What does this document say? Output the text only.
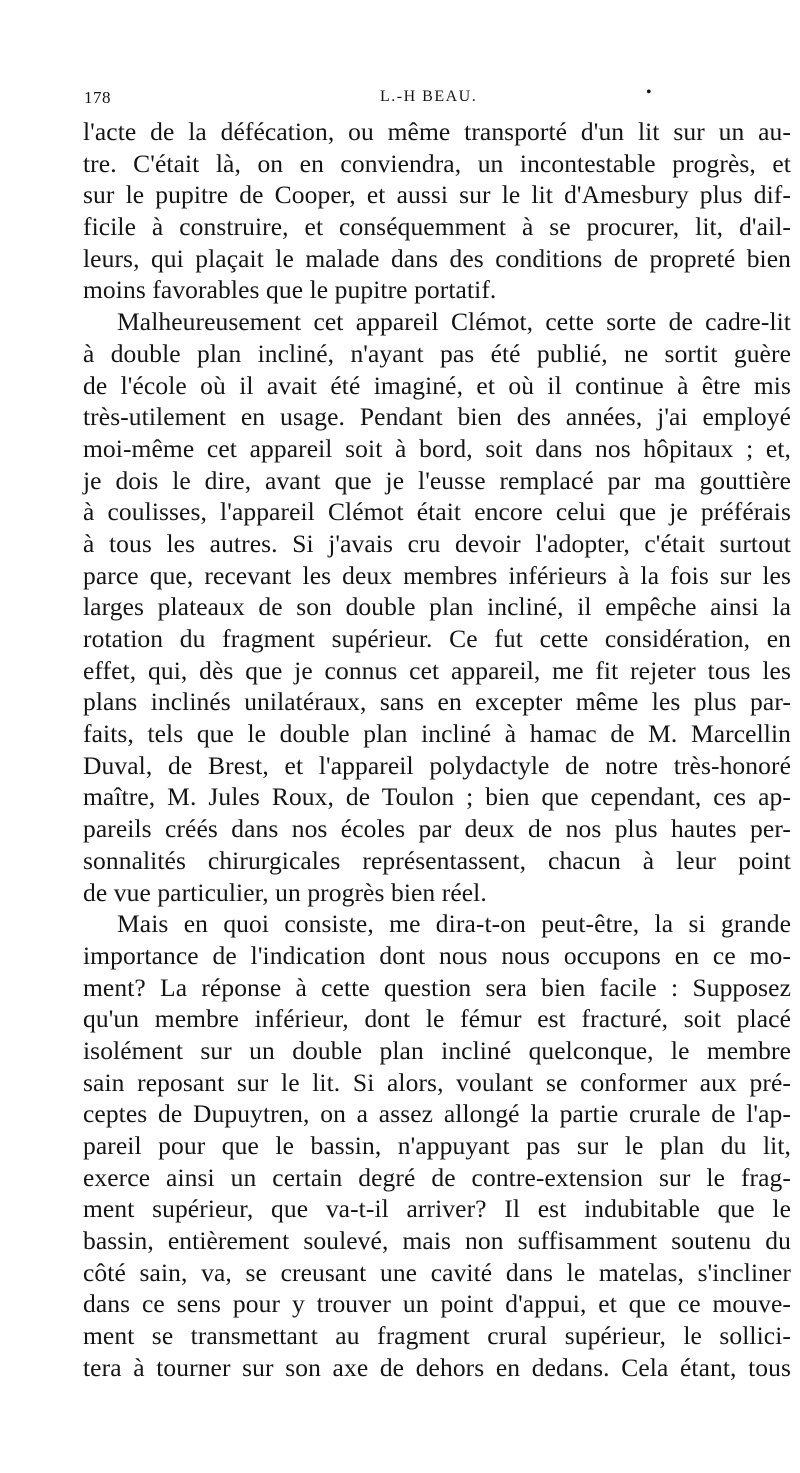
178	L.-H BEAU.	•
l'acte de la défécation, ou même transporté d'un lit sur un au-
tre. C'était là, on en conviendra, un incontestable progrès, et
sur le pupitre de Cooper, et aussi sur le lit d'Amesbury plus dif-
ficile à construire, et conséquemment à se procurer, lit, d'ail-
leurs, qui plaçait le malade dans des conditions de propreté bien
moins favorables que le pupitre portatif.
Malheureusement cet appareil Clémot, cette sorte de cadre-lit
à double plan incliné, n'ayant pas été publié, ne sortit guère
de l'école où il avait été imaginé, et où il continue à être mis
très-utilement en usage. Pendant bien des années, j'ai employé
moi-même cet appareil soit à bord, soit dans nos hôpitaux ; et,
je dois le dire, avant que je l'eusse remplacé par ma gouttière
à coulisses, l'appareil Clémot était encore celui que je préférais
à tous les autres. Si j'avais cru devoir l'adopter, c'était surtout
parce que, recevant les deux membres inférieurs à la fois sur les
larges plateaux de son double plan incliné, il empêche ainsi la
rotation du fragment supérieur. Ce fut cette considération, en
effet, qui, dès que je connus cet appareil, me fit rejeter tous les
plans inclinés unilatéraux, sans en excepter même les plus par-
faits, tels que le double plan incliné à hamac de M. Marcellin
Duval, de Brest, et l'appareil polydactyle de notre très-honoré
maître, M. Jules Roux, de Toulon ; bien que cependant, ces ap-
pareils créés dans nos écoles par deux de nos plus hautes per-
sonnalités chirurgicales représentassent, chacun à leur point
de vue particulier, un progrès bien réel.
Mais en quoi consiste, me dira-t-on peut-être, la si grande
importance de l'indication dont nous nous occupons en ce mo-
ment? La réponse à cette question sera bien facile : Supposez
qu'un membre inférieur, dont le fémur est fracturé, soit placé
isolément sur un double plan incliné quelconque, le membre
sain reposant sur le lit. Si alors, voulant se conformer aux pré-
ceptes de Dupuytren, on a assez allongé la partie crurale de l'ap-
pareil pour que le bassin, n'appuyant pas sur le plan du lit,
exerce ainsi un certain degré de contre-extension sur le frag-
ment supérieur, que va-t-il arriver? Il est indubitable que le
bassin, entièrement soulevé, mais non suffisamment soutenu du
côté sain, va, se creusant une cavité dans le matelas, s'incliner
dans ce sens pour y trouver un point d'appui, et que ce mouve-
ment se transmettant au fragment crural supérieur, le sollici-
tera à tourner sur son axe de dehors en dedans. Cela étant, tous
